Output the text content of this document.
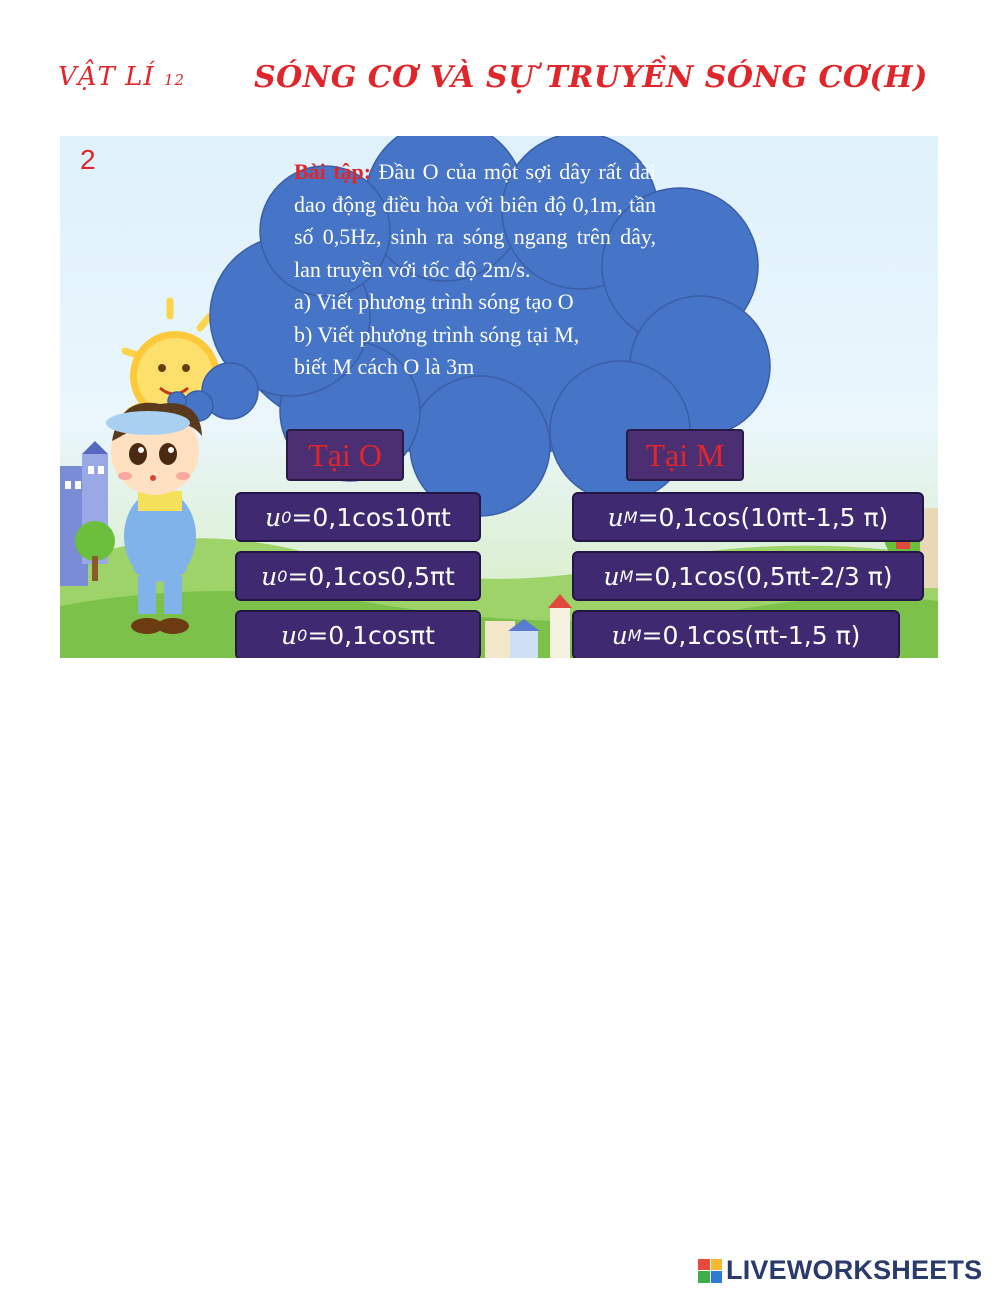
VẬT LÍ 12 SÓNG CƠ VÀ SỰ TRUYỀN SÓNG CƠ(H)
2	Bài tập: Đầu O của một sợi dây rất dài dao động điều hòa với biên độ 0,1m, tần số 0,5Hz, sinh ra sóng ngang trên dây, lan truyền với tốc độ 2m/s.
a) Viết phương trình sóng tạo O
b) Viết phương trình sóng tại M,
biết M cách O là 3m
Tại O	Tại M
u 0 =0,1cos10πt
u 0 =0,1cos0,5πt
u 0 =0,1cosπt
u M =0,1cos(10πt-1,5 π)
u M =0,1cos(0,5πt-2/3 π)
u M =0,1cos(πt-1,5 π)
LIVEWORKSHEETS
